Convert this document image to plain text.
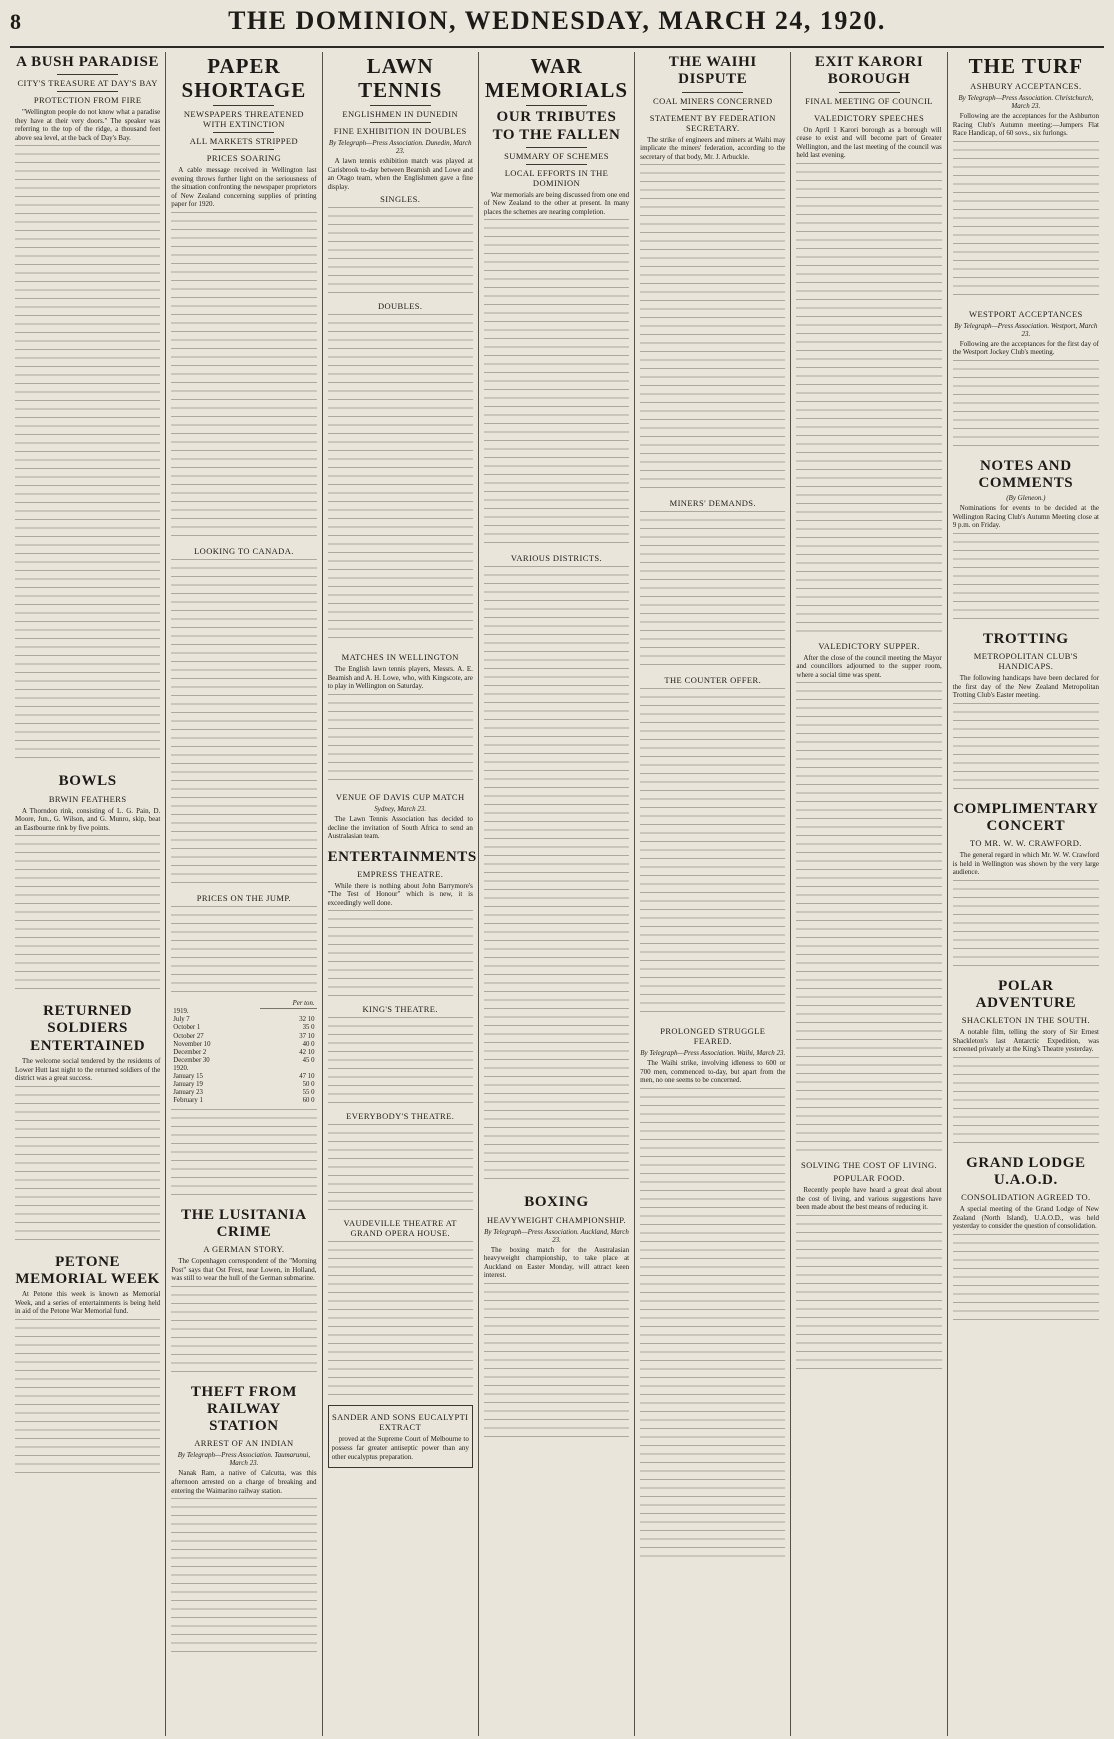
8	THE DOMINION, WEDNESDAY, MARCH 24, 1920.
A BUSH PARADISE
CITY'S TREASURE AT DAY'S BAY
PROTECTION FROM FIRE

"Wellington people do not know what a paradise they have at their very doors." The speaker was referring to the top of the ridge, a thousand feet above sea level, at the back of Day's Bay.

BOWLS
BRWIN FEATHERS

A Thorndon rink, consisting of L. G. Pain, D. Moore, Jun., G. Wilson, and G. Munro, skip, beat an Eastbourne rink by five points.

RETURNED SOLDIERS ENTERTAINED

The welcome social tendered by the residents of Lower Hutt last night to the returned soldiers of the district was a great success.

PETONE MEMORIAL WEEK

At Petone this week is known as Memorial Week, and a series of entertainments is being held in aid of the Petone War Memorial fund.

PAPER SHORTAGE
NEWSPAPERS THREATENED WITH EXTINCTION
ALL MARKETS STRIPPED
PRICES SOARING

A cable message received in Wellington last evening throws further light on the seriousness of the situation confronting the newspaper proprietors of New Zealand concerning supplies of printing paper for 1920.

LOOKING TO CANADA.
PRICES ON THE JUMP.
	Per ton.
1919.	
July 7	32 10
October 1	35 0
October 27	37 10
November 10	40 0
December 2	42 10
December 30	45 0
1920.	
January 15	47 10
January 19	50 0
January 23	55 0
February 1	60 0
THE LUSITANIA CRIME
A GERMAN STORY.

The Copenhagen correspondent of the "Morning Post" says that Ost Frest, near Lowen, in Holland, was still to wear the hull of the German submarine.

THEFT FROM RAILWAY STATION
ARREST OF AN INDIAN
By Telegraph—Press Association. Taumarunui, March 23.

Nanak Ram, a native of Calcutta, was this afternoon arrested on a charge of breaking and entering the Waimarino railway station.

LAWN TENNIS
ENGLISHMEN IN DUNEDIN
FINE EXHIBITION IN DOUBLES
By Telegraph—Press Association. Dunedin, March 23.

A lawn tennis exhibition match was played at Carisbrook to-day between Beamish and Lowe and an Otago team, when the Englishmen gave a fine display.

SINGLES.
DOUBLES.
MATCHES IN WELLINGTON

The English lawn tennis players, Messrs. A. E. Beamish and A. H. Lowe, who, with Kingscote, are to play in Wellington on Saturday.

VENUE OF DAVIS CUP MATCH
Sydney, March 23.

The Lawn Tennis Association has decided to decline the invitation of South Africa to send an Australasian team.

ENTERTAINMENTS
EMPRESS THEATRE.

While there is nothing about John Barrymore's "The Test of Honour" which is new, it is exceedingly well done.

KING'S THEATRE.
EVERYBODY'S THEATRE.
VAUDEVILLE THEATRE AT GRAND OPERA HOUSE.
SANDER AND SONS EUCALYPTI EXTRACT

proved at the Supreme Court of Melbourne to possess far greater antiseptic power than any other eucalyptus preparation.

WAR MEMORIALS
OUR TRIBUTES TO THE FALLEN
SUMMARY OF SCHEMES
LOCAL EFFORTS IN THE DOMINION

War memorials are being discussed from one end of New Zealand to the other at present. In many places the schemes are nearing completion.

VARIOUS DISTRICTS.
BOXING
HEAVYWEIGHT CHAMPIONSHIP.
By Telegraph—Press Association. Auckland, March 23.

The boxing match for the Australasian heavyweight championship, to take place at Auckland on Easter Monday, will attract keen interest.

THE WAIHI DISPUTE
COAL MINERS CONCERNED
STATEMENT BY FEDERATION SECRETARY.

The strike of engineers and miners at Waihi may implicate the miners' federation, according to the secretary of that body, Mr. J. Arbuckle.

MINERS' DEMANDS.
THE COUNTER OFFER.
PROLONGED STRUGGLE FEARED.
By Telegraph—Press Association. Waihi, March 23.

The Waihi strike, involving idleness to 600 or 700 men, commenced to-day, but apart from the men, no one seems to be concerned.

EXIT KARORI BOROUGH
FINAL MEETING OF COUNCIL
VALEDICTORY SPEECHES

On April 1 Karori borough as a borough will cease to exist and will become part of Greater Wellington, and the last meeting of the council was held last evening.

VALEDICTORY SUPPER.

After the close of the council meeting the Mayor and councillors adjourned to the supper room, where a social time was spent.

SOLVING THE COST OF LIVING.
POPULAR FOOD.

Recently people have heard a great deal about the cost of living, and various suggestions have been made about the best means of reducing it.

THE TURF
ASHBURY ACCEPTANCES.
By Telegraph—Press Association. Christchurch, March 23.

Following are the acceptances for the Ashburton Racing Club's Autumn meeting:—Jumpers Flat Race Handicap, of 60 sovs., six furlongs.

WESTPORT ACCEPTANCES
By Telegraph—Press Association. Westport, March 23.

Following are the acceptances for the first day of the Westport Jockey Club's meeting.

NOTES AND COMMENTS
(By Gleneon.)

Nominations for events to be decided at the Wellington Racing Club's Autumn Meeting close at 9 p.m. on Friday.

TROTTING
METROPOLITAN CLUB'S HANDICAPS.

The following handicaps have been declared for the first day of the New Zealand Metropolitan Trotting Club's Easter meeting.

COMPLIMENTARY CONCERT
TO MR. W. W. CRAWFORD.

The general regard in which Mr. W. W. Crawford is held in Wellington was shown by the very large audience.

POLAR ADVENTURE
SHACKLETON IN THE SOUTH.

A notable film, telling the story of Sir Ernest Shackleton's last Antarctic Expedition, was screened privately at the King's Theatre yesterday.

GRAND LODGE U.A.O.D.
CONSOLIDATION AGREED TO.

A special meeting of the Grand Lodge of New Zealand (North Island), U.A.O.D., was held yesterday to consider the question of consolidation.
